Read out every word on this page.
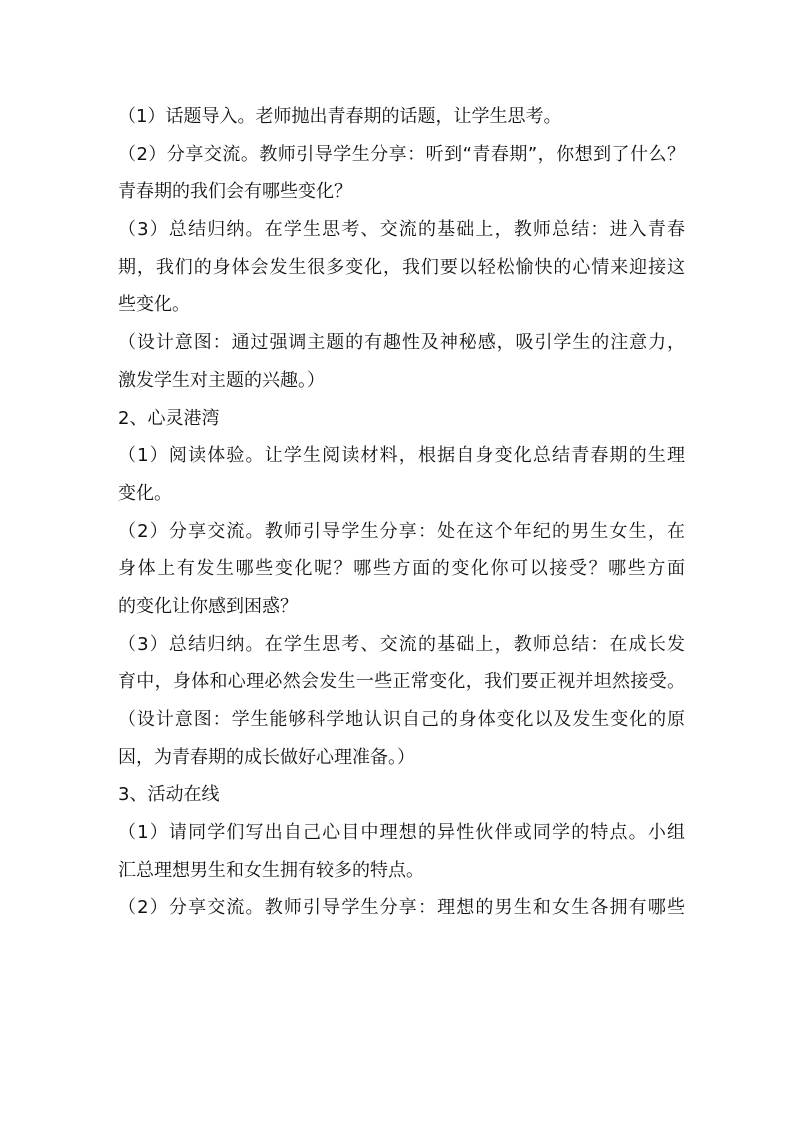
（1）话题导入。老师抛出青春期的话题，让学生思考。
（2）分享交流。教师引导学生分享：听到“青春期”，你想到了什么？
青春期的我们会有哪些变化？
（3）总结归纳。在学生思考、交流的基础上，教师总结：进入青春
期，我们的身体会发生很多变化，我们要以轻松愉快的心情来迎接这
些变化。
（设计意图：通过强调主题的有趣性及神秘感，吸引学生的注意力，
激发学生对主题的兴趣。）
2、心灵港湾
（1）阅读体验。让学生阅读材料，根据自身变化总结青春期的生理
变化。
（2）分享交流。教师引导学生分享：处在这个年纪的男生女生，在
身体上有发生哪些变化呢？哪些方面的变化你可以接受？哪些方面
的变化让你感到困惑？
（3）总结归纳。在学生思考、交流的基础上，教师总结：在成长发
育中，身体和心理必然会发生一些正常变化，我们要正视并坦然接受。
（设计意图：学生能够科学地认识自己的身体变化以及发生变化的原
因，为青春期的成长做好心理准备。）
3、活动在线
（1）请同学们写出自己心目中理想的异性伙伴或同学的特点。小组
汇总理想男生和女生拥有较多的特点。
（2）分享交流。教师引导学生分享：理想的男生和女生各拥有哪些
